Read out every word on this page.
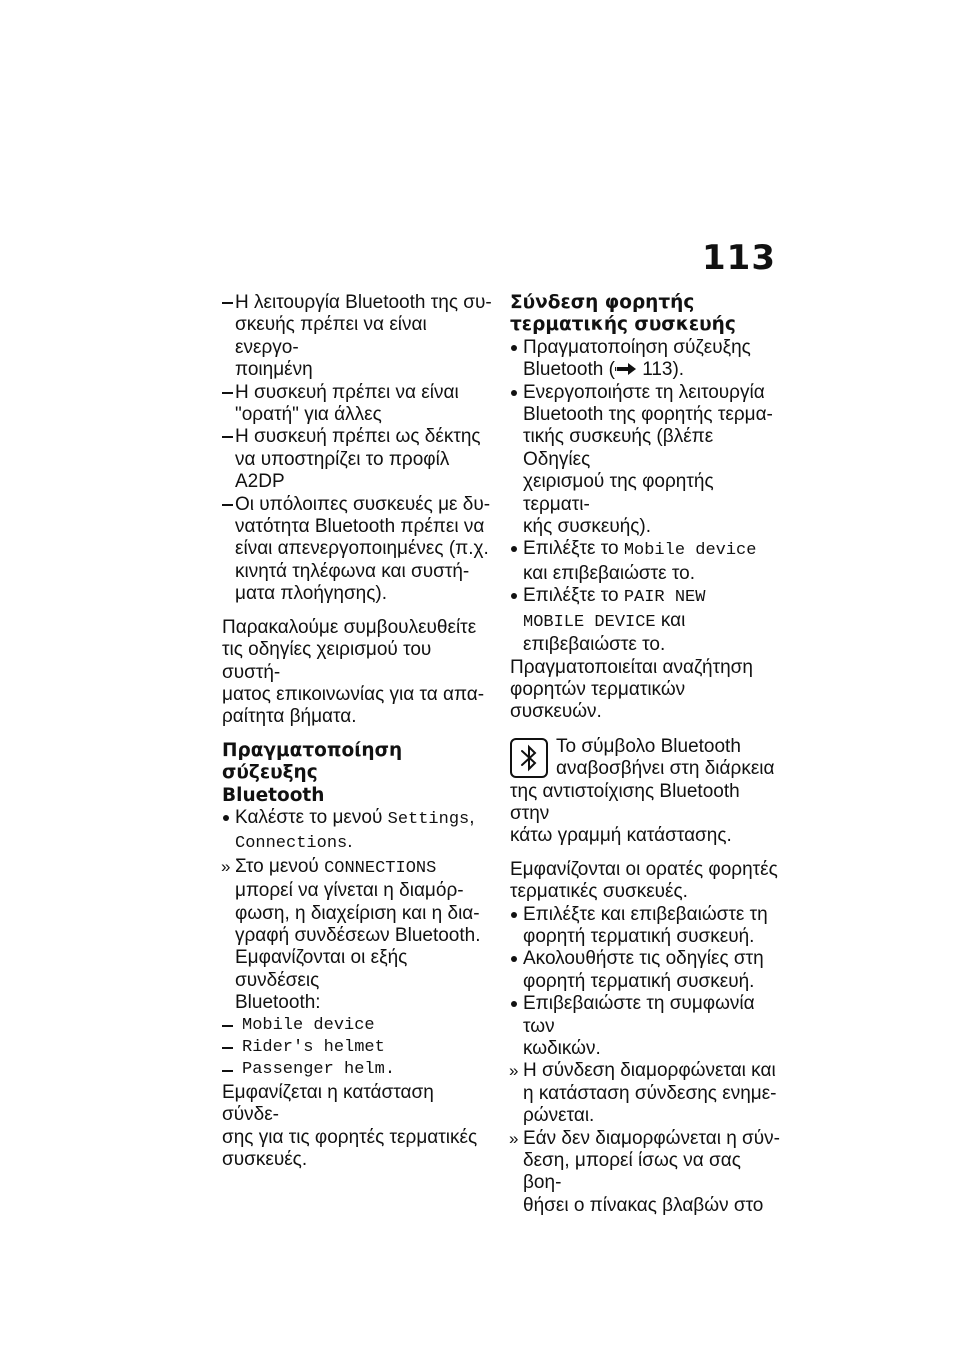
113
Η λειτουργία Bluetooth της συ-
σκευής πρέπει να είναι ενεργο-
ποιημένη
Η συσκευή πρέπει να είναι
"ορατή" για άλλες
Η συσκευή πρέπει ως δέκτης
να υποστηρίζει το προφίλ A2DP
Οι υπόλοιπες συσκευές με δυ-
νατότητα Bluetooth πρέπει να
είναι απενεργοποιημένες (π.χ.
κινητά τηλέφωνα και συστή-
ματα πλοήγησης).
Παρακαλούμε συμβουλευθείτε
τις οδηγίες χειρισμού του συστή-
ματος επικοινωνίας για τα απα-
ραίτητα βήματα.
Πραγματοποίηση σύζευξης
Bluetooth
Καλέστε το μενού Settings,
Connections.
» Στο μενού CONNECTIONS
μπορεί να γίνεται η διαμόρ-
φωση, η διαχείριση και η δια-
γραφή συνδέσεων Bluetooth.
Εμφανίζονται οι εξής συνδέσεις
Bluetooth:
Mobile device
Rider's helmet
Passenger helm.
Εμφανίζεται η κατάσταση σύνδε-
σης για τις φορητές τερματικές
συσκευές.
Σύνδεση φορητής
τερματικής συσκευής
Πραγματοποίηση σύζευξης
Bluetooth ( 113).
Ενεργοποιήστε τη λειτουργία
Bluetooth της φορητής τερμα-
τικής συσκευής (βλέπε Οδηγίες
χειρισμού της φορητής τερματι-
κής συσκευής).
Επιλέξτε το Mobile device
και επιβεβαιώστε το.
Επιλέξτε το PAIR NEW
MOBILE DEVICE και
επιβεβαιώστε το.
Πραγματοποιείται αναζήτηση
φορητών τερματικών συσκευών.
Το σύμβολο Bluetooth
αναβοσβήνει στη διάρκεια
της αντιστοίχισης Bluetooth στην
κάτω γραμμή κατάστασης.
Εμφανίζονται οι ορατές φορητές
τερματικές συσκευές.
Επιλέξτε και επιβεβαιώστε τη
φορητή τερματική συσκευή.
Ακολουθήστε τις οδηγίες στη
φορητή τερματική συσκευή.
Επιβεβαιώστε τη συμφωνία των
κωδικών.
» Η σύνδεση διαμορφώνεται και
η κατάσταση σύνδεσης ενημε-
ρώνεται.
» Εάν δεν διαμορφώνεται η σύν-
δεση, μπορεί ίσως να σας βοη-
θήσει ο πίνακας βλαβών στο
